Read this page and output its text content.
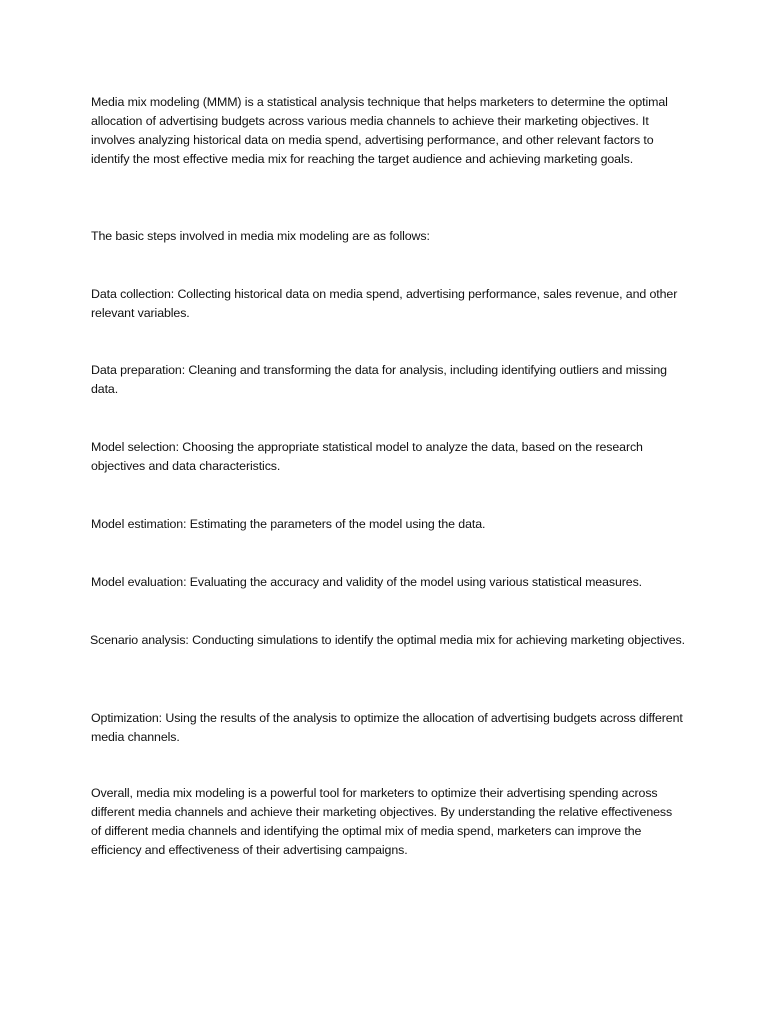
Media mix modeling (MMM) is a statistical analysis technique that helps marketers to determine the optimal allocation of advertising budgets across various media channels to achieve their marketing objectives. It involves analyzing historical data on media spend, advertising performance, and other relevant factors to identify the most effective media mix for reaching the target audience and achieving marketing goals.

The basic steps involved in media mix modeling are as follows:

Data collection: Collecting historical data on media spend, advertising performance, sales revenue, and other relevant variables.

Data preparation: Cleaning and transforming the data for analysis, including identifying outliers and missing data.

Model selection: Choosing the appropriate statistical model to analyze the data, based on the research objectives and data characteristics.

Model estimation: Estimating the parameters of the model using the data.

Model evaluation: Evaluating the accuracy and validity of the model using various statistical measures.

Scenario analysis: Conducting simulations to identify the optimal media mix for achieving marketing objectives.

Optimization: Using the results of the analysis to optimize the allocation of advertising budgets across different media channels.

Overall, media mix modeling is a powerful tool for marketers to optimize their advertising spending across different media channels and achieve their marketing objectives. By understanding the relative effectiveness of different media channels and identifying the optimal mix of media spend, marketers can improve the efficiency and effectiveness of their advertising campaigns.
